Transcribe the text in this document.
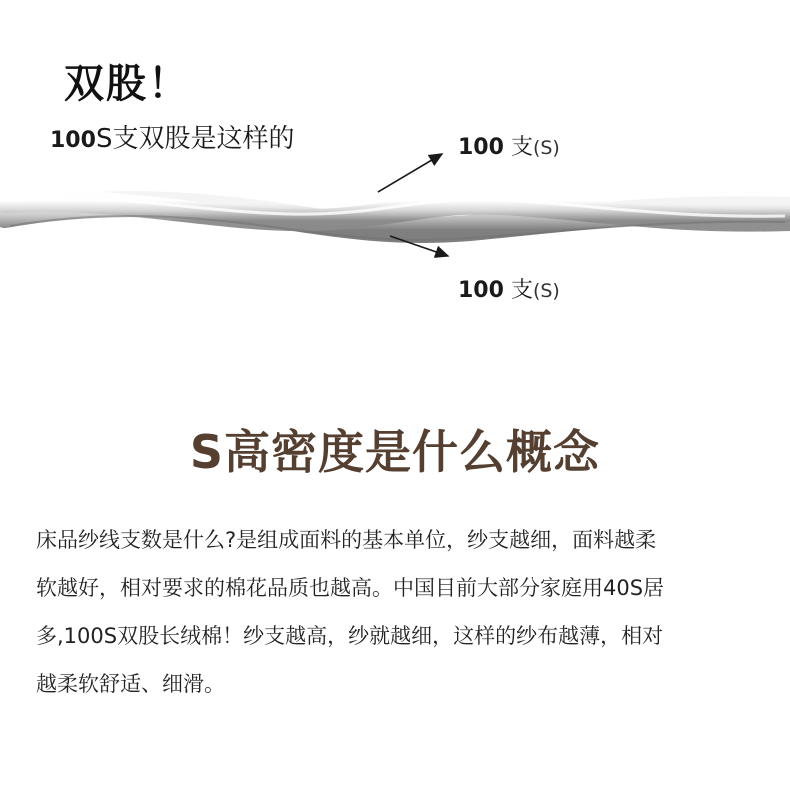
双股！
100S支双股是这样的	100 支(S)
100 支(S)
S高密度是什么概念

床品纱线支数是什么?是组成面料的基本单位，纱支越细，面料越柔

软越好，相对要求的棉花品质也越高。中国目前大部分家庭用40S居

多,100S双股长绒棉！纱支越高，纱就越细，这样的纱布越薄，相对

越柔软舒适、细滑。
